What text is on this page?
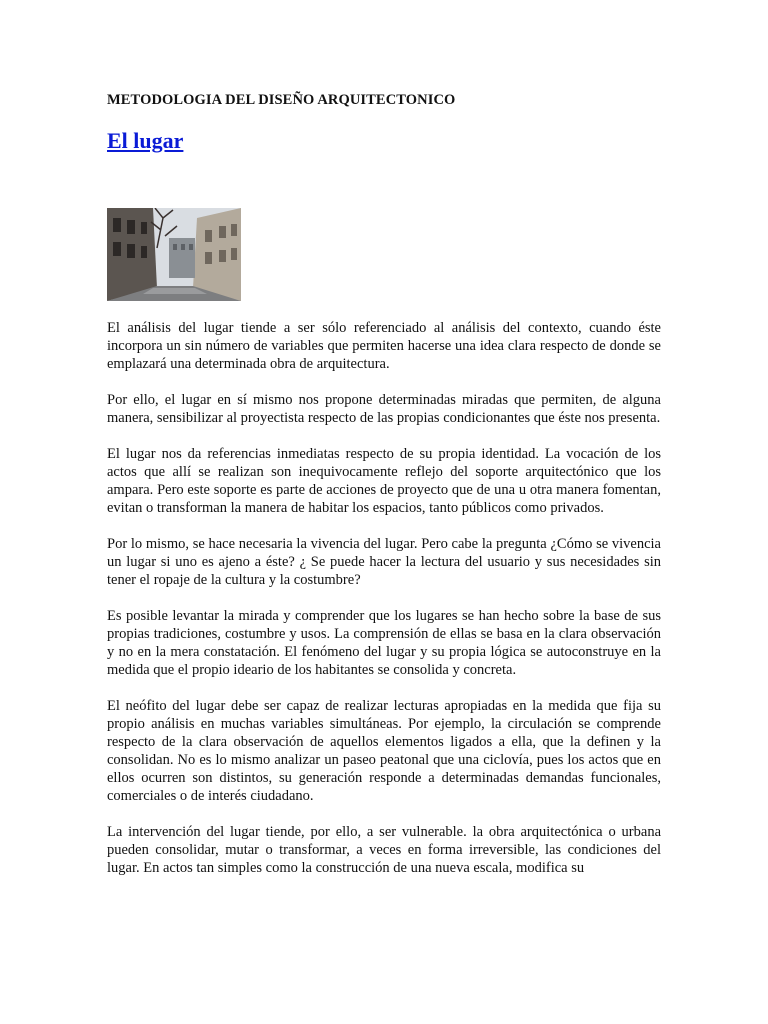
METODOLOGIA DEL DISEÑO ARQUITECTONICO
El lugar

El análisis del lugar tiende a ser sólo referenciado al análisis del contexto, cuando éste incorpora un sin número de variables que permiten hacerse una idea clara respecto de donde se emplazará una determinada obra de arquitectura.

Por ello, el lugar en sí mismo nos propone determinadas miradas que permiten, de alguna manera, sensibilizar al proyectista respecto de las propias condicionantes que éste nos presenta.

El lugar nos da referencias inmediatas respecto de su propia identidad. La vocación de los actos que allí se realizan son inequivocamente reflejo del soporte arquitectónico que los ampara. Pero este soporte es parte de acciones de proyecto que de una u otra manera fomentan, evitan o transforman la manera de habitar los espacios, tanto públicos como privados.

Por lo mismo, se hace necesaria la vivencia del lugar. Pero cabe la pregunta ¿Cómo se vivencia un lugar si uno es ajeno a éste? ¿ Se puede hacer la lectura del usuario y sus necesidades sin tener el ropaje de la cultura y la costumbre?

Es posible levantar la mirada y comprender que los lugares se han hecho sobre la base de sus propias tradiciones, costumbre y usos. La comprensión de ellas se basa en la clara observación y no en la mera constatación. El fenómeno del lugar y su propia lógica se autoconstruye en la medida que el propio ideario de los habitantes se consolida y concreta.

El neófito del lugar debe ser capaz de realizar lecturas apropiadas en la medida que fija su propio análisis en muchas variables simultáneas. Por ejemplo, la circulación se comprende respecto de la clara observación de aquellos elementos ligados a ella, que la definen y la consolidan. No es lo mismo analizar un paseo peatonal que una ciclovía, pues los actos que en ellos ocurren son distintos, su generación responde a determinadas demandas funcionales, comerciales o de interés ciudadano.

La intervención del lugar tiende, por ello, a ser vulnerable. la obra arquitectónica o urbana pueden consolidar, mutar o transformar, a veces en forma irreversible, las condiciones del lugar. En actos tan simples como la construcción de una nueva escala, modifica su
